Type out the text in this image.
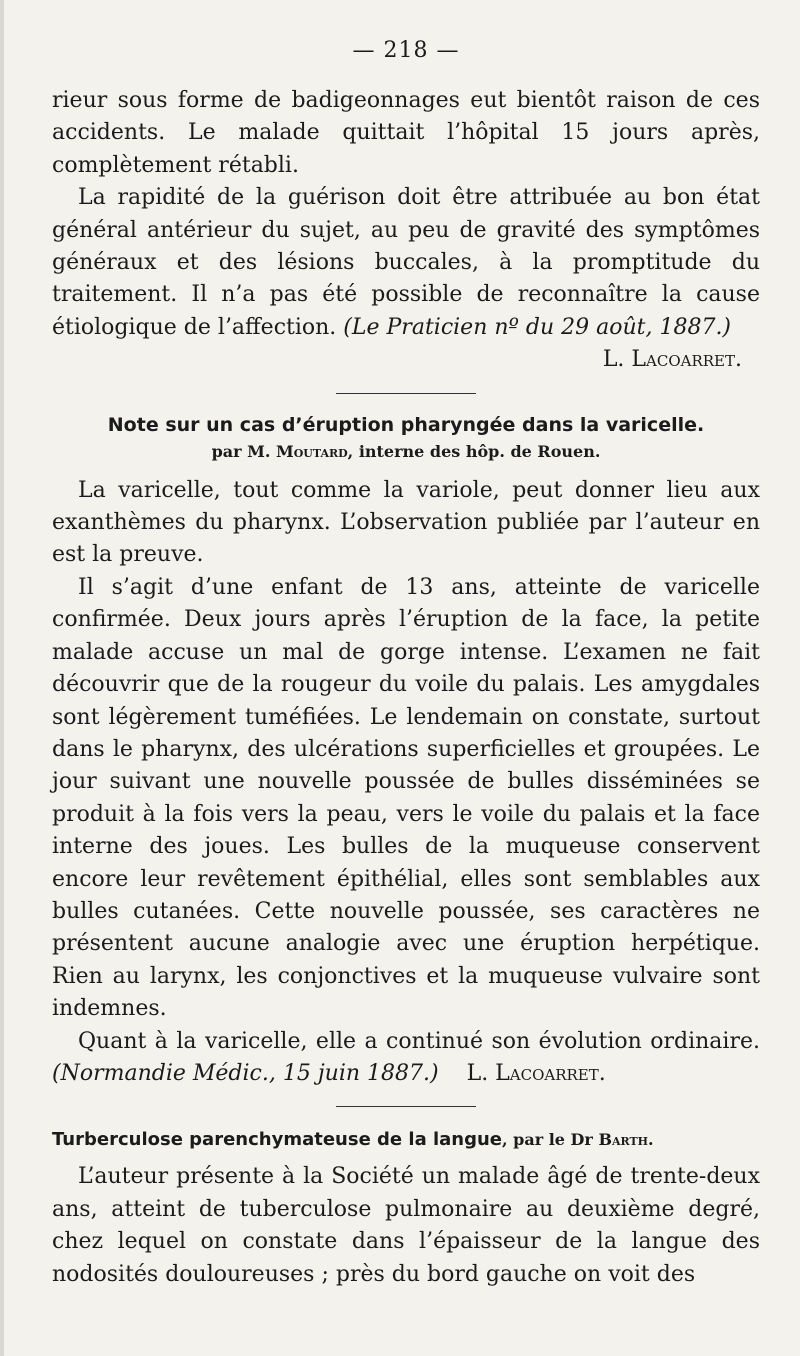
— 218 —

rieur sous forme de badigeonnages eut bientôt raison de ces accidents. Le malade quittait l’hôpital 15 jours après, complètement rétabli.

La rapidité de la guérison doit être attribuée au bon état général antérieur du sujet, au peu de gravité des symptômes généraux et des lésions buccales, à la promptitude du traitement. Il n’a pas été possible de reconnaître la cause étiologique de l’affection. (Le Praticien nº du 29 août, 1887.)

L. Lacoarret.
Note sur un cas d’éruption pharyngée dans la varicelle.
par M. Moutard, interne des hôp. de Rouen.

La varicelle, tout comme la variole, peut donner lieu aux exanthèmes du pharynx. L’observation publiée par l’auteur en est la preuve.

Il s’agit d’une enfant de 13 ans, atteinte de varicelle confirmée. Deux jours après l’éruption de la face, la petite malade accuse un mal de gorge intense. L’examen ne fait découvrir que de la rougeur du voile du palais. Les amygdales sont légèrement tuméfiées. Le lendemain on constate, surtout dans le pharynx, des ulcérations superficielles et groupées. Le jour suivant une nouvelle poussée de bulles disséminées se produit à la fois vers la peau, vers le voile du palais et la face interne des joues. Les bulles de la muqueuse conservent encore leur revêtement épithélial, elles sont semblables aux bulles cutanées. Cette nouvelle poussée, ses caractères ne présentent aucune analogie avec une éruption herpétique. Rien au larynx, les conjonctives et la muqueuse vulvaire sont indemnes.

Quant à la varicelle, elle a continué son évolution ordinaire. (Normandie Médic., 15 juin 1887.) L. Lacoarret.

Turberculose parenchymateuse de la langue, par le Dr Barth.

L’auteur présente à la Société un malade âgé de trente-deux ans, atteint de tuberculose pulmonaire au deuxième degré, chez lequel on constate dans l’épaisseur de la langue des nodosités douloureuses ; près du bord gauche on voit des
